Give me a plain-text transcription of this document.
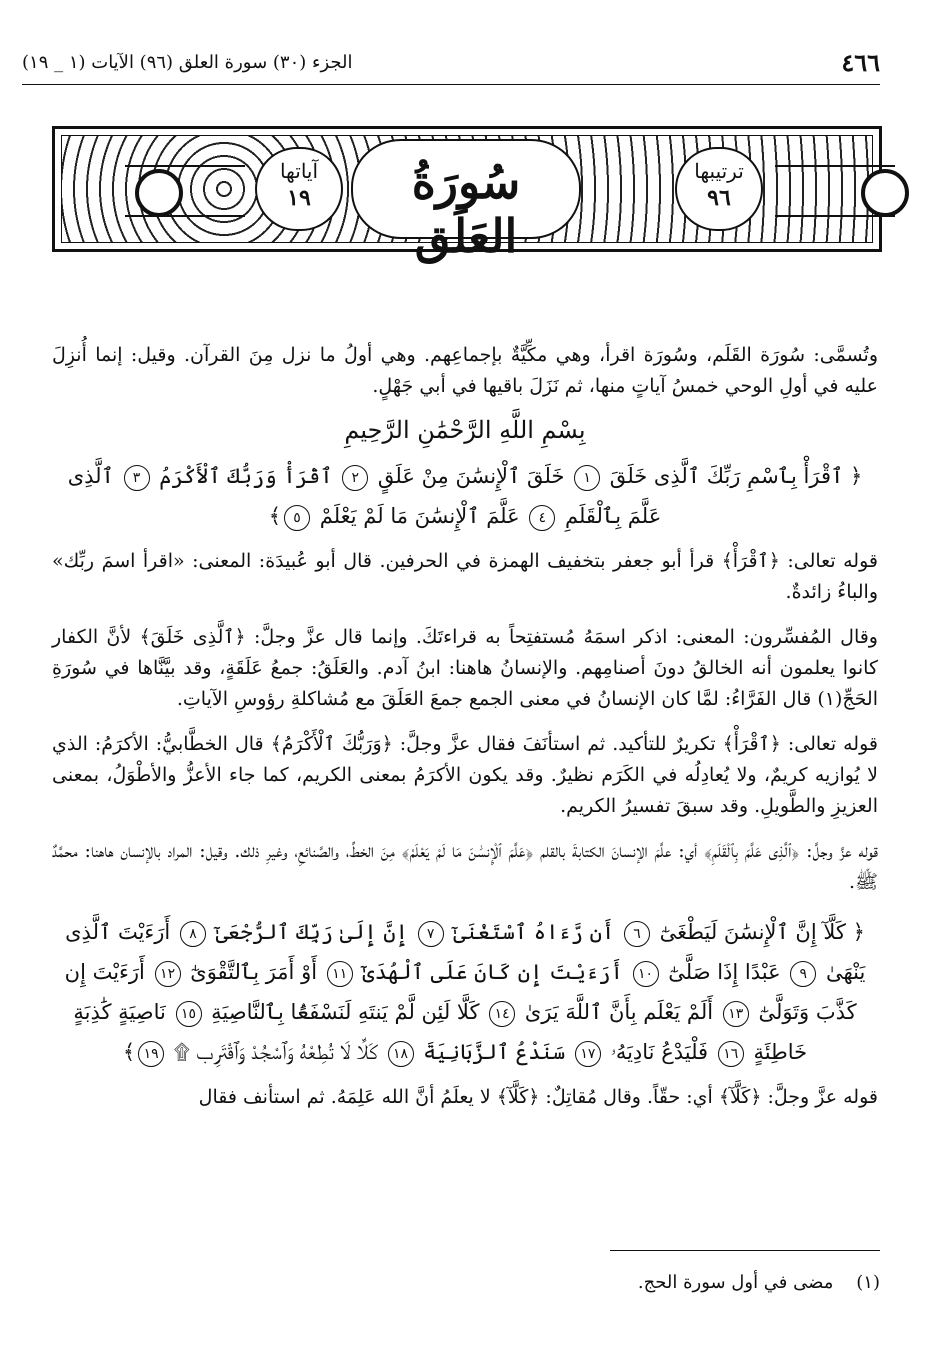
٤٦٦
الجزء (٣٠) سورة العلق (٩٦) الآيات (١ _ ١٩)
ترتيبها
٩٦
سُورَةُ العَلَق
آياتها
١٩

وتُسمَّى: سُورَة القَلَم، وسُورَة اقرأ، وهي مكِّيَّةٌ بإجماعِهم. وهي أولُ ما نزل مِنَ القرآن. وقيل: إنما أُنزِلَ عليه في أولِ الوحي خمسُ آياتٍ منها، ثم نَزَلَ باقيها في أبي جَهْلٍ.

بِسْمِ اللَّهِ الرَّحْمَٰنِ الرَّحِيمِ

﴿ ٱقْرَأْ بِٱسْمِ رَبِّكَ ٱلَّذِى خَلَقَ ١ خَلَقَ ٱلْإِنسَٰنَ مِنْ عَلَقٍ ٢ ٱقْرَأْ وَرَبُّكَ ٱلْأَكْرَمُ ٣ ٱلَّذِى عَلَّمَ بِٱلْقَلَمِ ٤ عَلَّمَ ٱلْإِنسَٰنَ مَا لَمْ يَعْلَمْ ٥﴾

قوله تعالى: ﴿ٱقْرَأْ﴾ قرأ أبو جعفر بتخفيف الهمزة في الحرفين. قال أبو عُبيدَة: المعنى: «اقرأ اسمَ ربِّك» والباءُ زائدةٌ.

وقال المُفسِّرون: المعنى: اذكر اسمَهُ مُستفتِحاً به قراءتَكَ. وإنما قال عزَّ وجلَّ: ﴿ٱلَّذِى خَلَقَ﴾ لأنَّ الكفار كانوا يعلمون أنه الخالقُ دونَ أصنامِهم. والإنسانُ هاهنا: ابنُ آدم. والعَلَقُ: جمعُ عَلَقَةٍ، وقد بيَّنَّاها في سُورَةِ الحَجِّ(١) قال الفَرَّاءُ: لمَّا كان الإنسانُ في معنى الجمع جمعَ العَلَقَ مع مُشاكلةِ رؤوسِ الآياتِ.

قوله تعالى: ﴿ٱقْرَأْ﴾ تكريرٌ للتأكيد. ثم استأنَفَ فقال عزَّ وجلَّ: ﴿وَرَبُّكَ ٱلْأَكْرَمُ﴾ قال الخطَّابيُّ: الأكرَمُ: الذي لا يُوازيه كريمٌ، ولا يُعادِلُه في الكَرَم نظيرٌ. وقد يكون الأكرَمُ بمعنى الكريم، كما جاء الأعزُّ والأطْوَلُ، بمعنى العزيزِ والطَّويلِ. وقد سبقَ تفسيرُ الكريم.

قوله عزَّ وجلَّ: ﴿ٱلَّذِى عَلَّمَ بِٱلْقَلَمِ﴾ أي: علَّمَ الإنسانَ الكتابةَ بالقلم ﴿عَلَّمَ ٱلْإِنسَٰنَ مَا لَمْ يَعْلَمْ﴾ مِنَ الخطِّ، والصَّنائعِ، وغيرِ ذلك. وقيل: المراد بالإنسان هاهنا: محمَّدٌ ﷺ.

﴿ كَلَّآ إِنَّ ٱلْإِنسَٰنَ لَيَطْغَىٰٓ ٦ أَن رَّءَاهُ ٱسْتَغْنَىٰٓ ٧ إِنَّ إِلَىٰ رَبِّكَ ٱلرُّجْعَىٰٓ ٨ أَرَءَيْتَ ٱلَّذِى يَنْهَىٰ ٩ عَبْدًا إِذَا صَلَّىٰٓ ١٠ أَرَءَيْتَ إِن كَانَ عَلَى ٱلْهُدَىٰٓ ١١ أَوْ أَمَرَ بِٱلتَّقْوَىٰٓ ١٢ أَرَءَيْتَ إِن كَذَّبَ وَتَوَلَّىٰٓ ١٣ أَلَمْ يَعْلَم بِأَنَّ ٱللَّهَ يَرَىٰ ١٤ كَلَّا لَئِن لَّمْ يَنتَهِ لَنَسْفَعًۢا بِٱلنَّاصِيَةِ ١٥ نَاصِيَةٍ كَٰذِبَةٍ خَاطِئَةٍ ١٦ فَلْيَدْعُ نَادِيَهُۥ ١٧ سَنَدْعُ ٱلزَّبَانِيَةَ ١٨ كَلَّا لَا تُطِعْهُ وَٱسْجُدْ وَٱقْتَرِب ۩ ١٩﴾

قوله عزَّ وجلَّ: ﴿كَلَّآ﴾ أي: حقّاً. وقال مُقاتِلٌ: ﴿كَلَّآ﴾ لا يعلَمُ أنَّ الله عَلِمَهُ. ثم استأنف فقال

(١)    مضى في أول سورة الحج.
